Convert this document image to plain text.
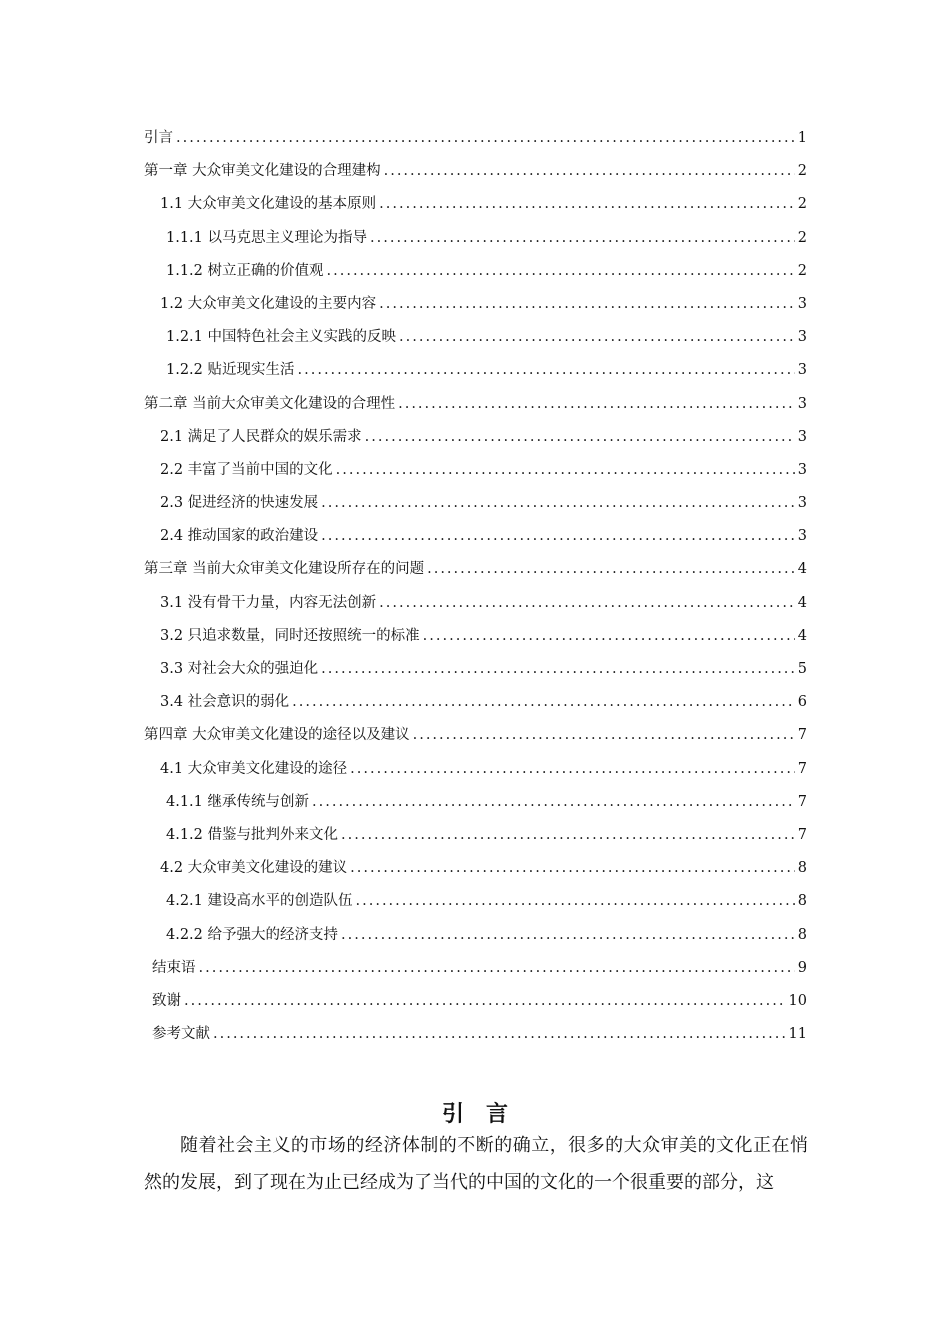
引言 .....	1
第一章 大众审美文化建设的合理建构 .....	2
1.1 大众审美文化建设的基本原则 .....	2
1.1.1 以马克思主义理论为指导 .....	2
1.1.2 树立正确的价值观 .....	2
1.2 大众审美文化建设的主要内容 .....	3
1.2.1 中国特色社会主义实践的反映 .....	3
1.2.2 贴近现实生活 .....	3
第二章 当前大众审美文化建设的合理性 .....	3
2.1 满足了人民群众的娱乐需求 .....	3
2.2 丰富了当前中国的文化 .....	3
2.3 促进经济的快速发展 .....	3
2.4 推动国家的政治建设 .....	3
第三章 当前大众审美文化建设所存在的问题 .....	4
3.1 没有骨干力量，内容无法创新 .....	4
3.2 只追求数量，同时还按照统一的标准 .....	4
3.3 对社会大众的强迫化 .....	5
3.4 社会意识的弱化 .....	6
第四章 大众审美文化建设的途径以及建议 .....	7
4.1 大众审美文化建设的途径 .....	7
4.1.1 继承传统与创新 .....	7
4.1.2 借鉴与批判外来文化 .....	7
4.2 大众审美文化建设的建议 .....	8
4.2.1 建设高水平的创造队伍 .....	8
4.2.2 给予强大的经济支持 .....	8
结束语 .....	9
致谢 .....	10
参考文献 .....	11
引言
随着社会主义的市场的经济体制的不断的确立，很多的大众审美的文化正在悄然的发展，到了现在为止已经成为了当代的中国的文化的一个很重要的部分，这
